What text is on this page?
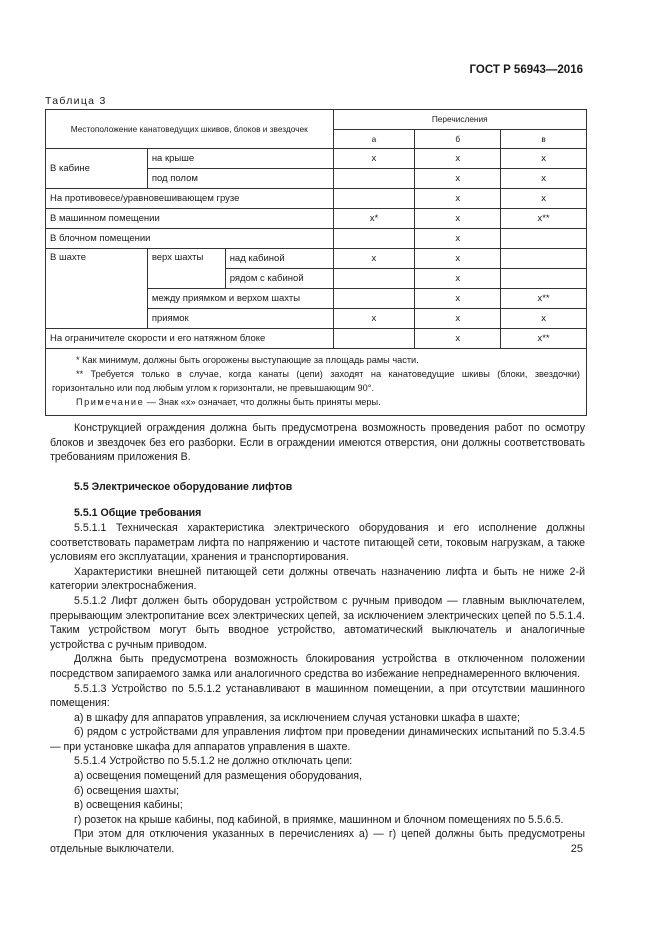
ГОСТ Р 56943—2016
Таблица 3
Местоположение канатоведущих шкивов, блоков и звездочек			Перечисления		
			а	б	в
В кабине	на крыше		x	x	x
	под полом			x	x
На противовесе/уравновешивающем грузе				x	x
В машинном помещении			x*	x	x**
В блочном помещении				x	
В шахте	верх шахты	над кабиной	x	x	
		рядом с кабиной		x	
	между приямком и верхом шахты			x	x**
	приямок		x	x	x
На ограничителе скорости и его натяжном блоке				x	x**

* Как минимум, должны быть огорожены выступающие за площадь рамы части.
** Требуется только в случае, когда канаты (цепи) заходят на канатоведущие шкивы (блоки, звездочки) горизонтально или под любым углом к горизонтали, не превышающим 90°.
Примечание — Знак «x» означает, что должны быть приняты меры.					

Конструкцией ограждения должна быть предусмотрена возможность проведения работ по осмотру блоков и звездочек без его разборки. Если в ограждении имеются отверстия, они должны соответствовать требованиям приложения В.

5.5 Электрическое оборудование лифтов

5.5.1 Общие требования

5.5.1.1 Техническая характеристика электрического оборудования и его исполнение должны соответствовать параметрам лифта по напряжению и частоте питающей сети, токовым нагрузкам, а также условиям его эксплуатации, хранения и транспортирования.

Характеристики внешней питающей сети должны отвечать назначению лифта и быть не ниже 2-й категории электроснабжения.

5.5.1.2 Лифт должен быть оборудован устройством с ручным приводом — главным выключателем, прерывающим электропитание всех электрических цепей, за исключением электрических цепей по 5.5.1.4. Таким устройством могут быть вводное устройство, автоматический выключатель и аналогичные устройства с ручным приводом.

Должна быть предусмотрена возможность блокирования устройства в отключенном положении посредством запираемого замка или аналогичного средства во избежание непреднамеренного включения.

5.5.1.3 Устройство по 5.5.1.2 устанавливают в машинном помещении, а при отсутствии машинного помещения:

а) в шкафу для аппаратов управления, за исключением случая установки шкафа в шахте;

б) рядом с устройствами для управления лифтом при проведении динамических испытаний по 5.3.4.5 — при установке шкафа для аппаратов управления в шахте.

5.5.1.4 Устройство по 5.5.1.2 не должно отключать цепи:

а) освещения помещений для размещения оборудования,

б) освещения шахты;

в) освещения кабины;

г) розеток на крыше кабины, под кабиной, в приямке, машинном и блочном помещениях по 5.5.6.5.

При этом для отключения указанных в перечислениях а) — г) цепей должны быть предусмотрены отдельные выключатели.	25
